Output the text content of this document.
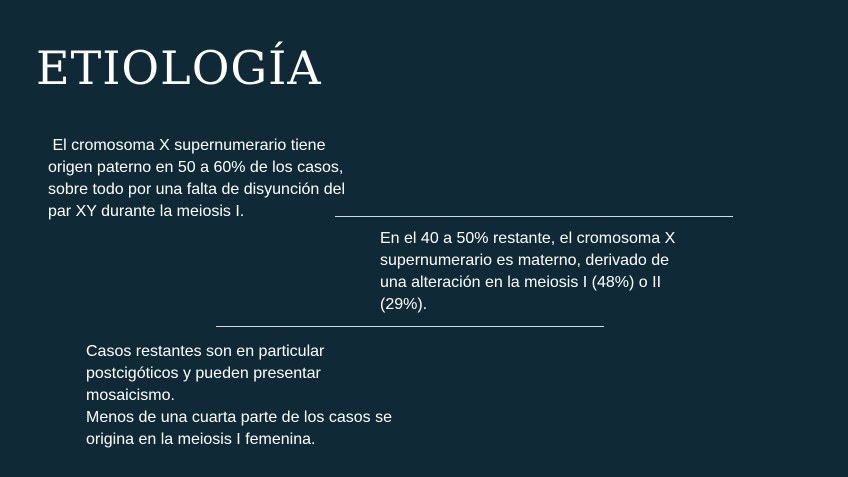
ETIOLOGÍA
El cromosoma X supernumerario tiene
origen paterno en 50 a 60% de los casos,
sobre todo por una falta de disyunción del
par XY durante la meiosis I.
En el 40 a 50% restante, el cromosoma X
supernumerario es materno, derivado de
una alteración en la meiosis I (48%) o II
(29%).
Casos restantes son en particular
postcigóticos y pueden presentar
mosaicismo.
Menos de una cuarta parte de los casos se
origina en la meiosis I femenina.
